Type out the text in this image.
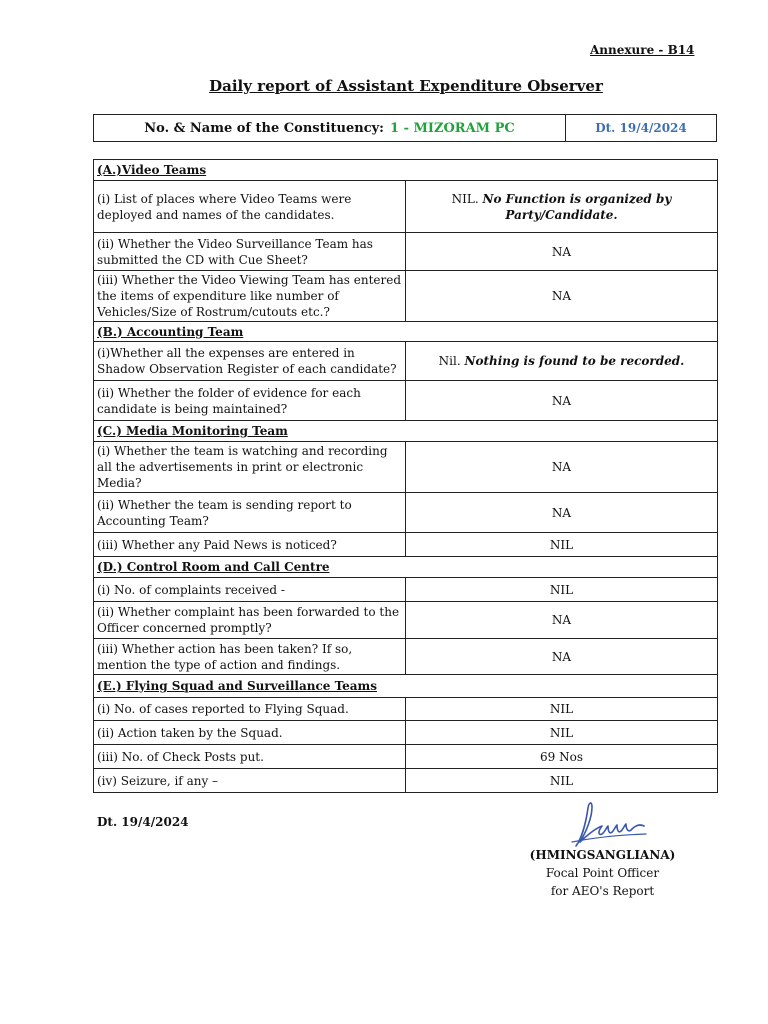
Annexure - B14
Daily report of Assistant Expenditure Observer
No. & Name of the Constituency: 1 - MIZORAM PC	Dt. 19/4/2024
(A.)Video Teams	
(i) List of places where Video Teams were deployed and names of the candidates.	NIL. No Function is organized by Party/Candidate.
(ii) Whether the Video Surveillance Team has submitted the CD with Cue Sheet?	NA
(iii) Whether the Video Viewing Team has entered the items of expenditure like number of Vehicles/Size of Rostrum/cutouts etc.?	NA
(B.) Accounting Team	
(i)Whether all the expenses are entered in Shadow Observation Register of each candidate?	Nil. Nothing is found to be recorded.
(ii) Whether the folder of evidence for each candidate is being maintained?	NA
(C.) Media Monitoring Team	
(i) Whether the team is watching and recording all the advertisements in print or electronic Media?	NA
(ii) Whether the team is sending report to Accounting Team?	NA
(iii) Whether any Paid News is noticed?	NIL
(D.) Control Room and Call Centre	
(i) No. of complaints received -	NIL
(ii) Whether complaint has been forwarded to the Officer concerned promptly?	NA
(iii) Whether action has been taken? If so, mention the type of action and findings.	NA
(E.) Flying Squad and Surveillance Teams	
(i) No. of cases reported to Flying Squad.	NIL
(ii) Action taken by the Squad.	NIL
(iii) No. of Check Posts put.	69 Nos
(iv) Seizure, if any –	NIL
Dt. 19/4/2024
(HMINGSANGLIANA)
Focal Point Officer
for AEO's Report
